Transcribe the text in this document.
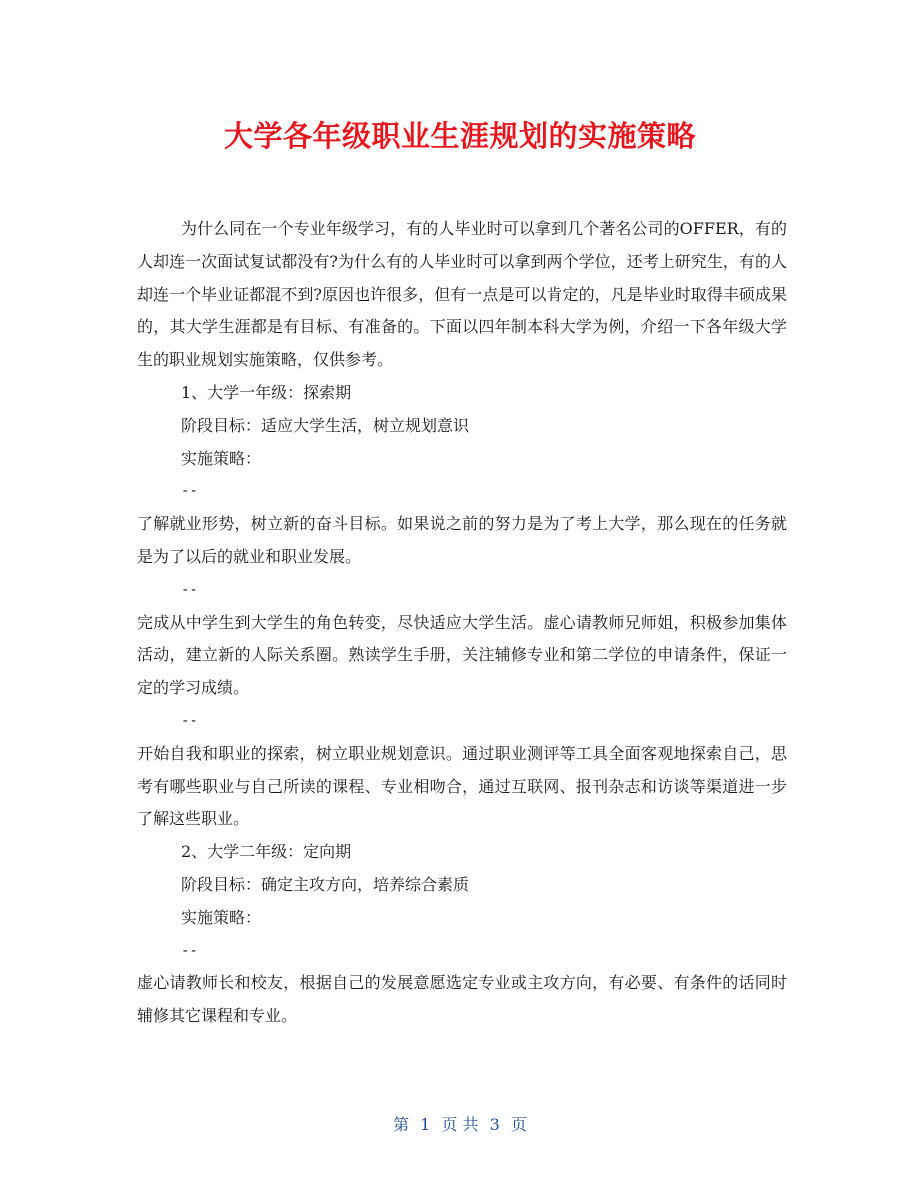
大学各年级职业生涯规划的实施策略

为什么同在一个专业年级学习，有的人毕业时可以拿到几个著名公司的OFFER，有的人却连一次面试复试都没有?为什么有的人毕业时可以拿到两个学位，还考上研究生，有的人却连一个毕业证都混不到?原因也许很多，但有一点是可以肯定的，凡是毕业时取得丰硕成果的，其大学生涯都是有目标、有准备的。下面以四年制本科大学为例，介绍一下各年级大学生的职业规划实施策略，仅供参考。

1、大学一年级：探索期

阶段目标：适应大学生活，树立规划意识

实施策略：

--

了解就业形势，树立新的奋斗目标。如果说之前的努力是为了考上大学，那么现在的任务就是为了以后的就业和职业发展。

--

完成从中学生到大学生的角色转变，尽快适应大学生活。虚心请教师兄师姐，积极参加集体活动，建立新的人际关系圈。熟读学生手册，关注辅修专业和第二学位的申请条件，保证一定的学习成绩。

--

开始自我和职业的探索，树立职业规划意识。通过职业测评等工具全面客观地探索自己，思考有哪些职业与自己所读的课程、专业相吻合，通过互联网、报刊杂志和访谈等渠道进一步了解这些职业。

2、大学二年级：定向期

阶段目标：确定主攻方向，培养综合素质

实施策略：

--

虚心请教师长和校友，根据自己的发展意愿选定专业或主攻方向，有必要、有条件的话同时辅修其它课程和专业。

第 1 页 共 3 页
